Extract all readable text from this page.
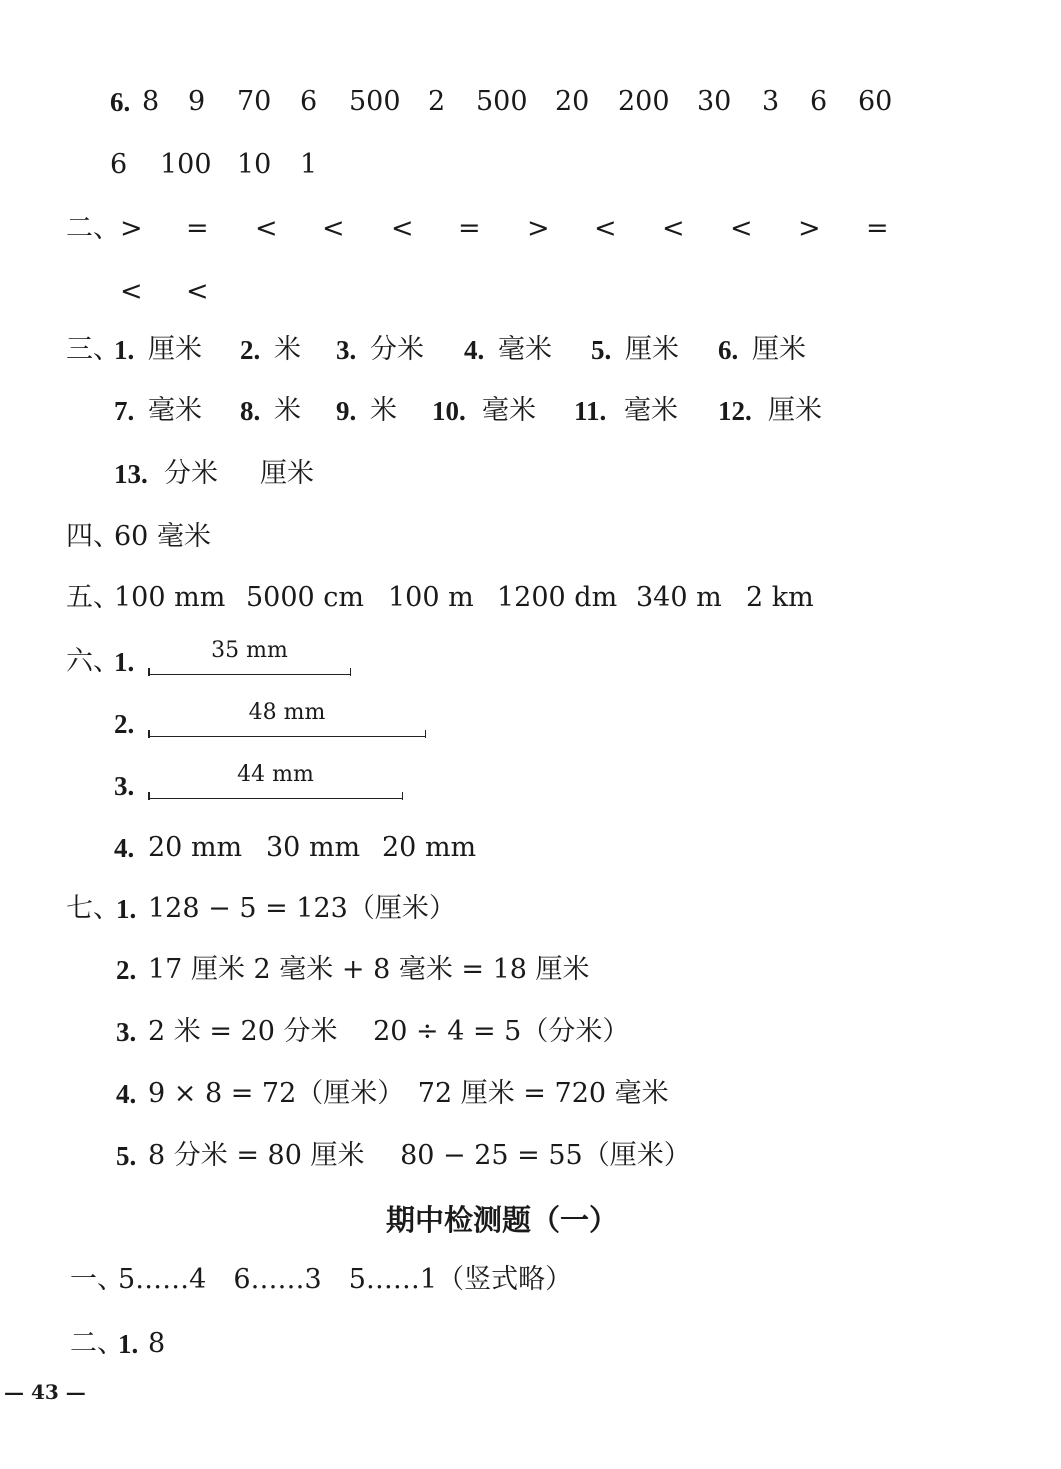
6. 8 9 70 6 500 2 500 20 200 30 3 6 60
6 100 10 1
二、 > = < < < = > < < < > =
< <
三、
1. 厘米 2. 米 3. 分米 4. 毫米 5. 厘米 6. 厘米
7. 毫米 8. 米 9. 米 10. 毫米 11. 毫米 12. 厘米
13. 分米 厘米
四、
60 毫米
五、
100 mm 5000 cm 100 m 1200 dm 340 m 2 km
六、
1.	35 mm
2.	48 mm
3.	44 mm
4. 20 mm 30 mm 20 mm
七、
1. 128 − 5 = 123（厘米）
2. 17 厘米 2 毫米 + 8 毫米 = 18 厘米
3. 2 米 = 20 分米　 20 ÷ 4 = 5（分米）
4. 9 × 8 = 72（厘米）　72 厘米 = 720 毫米
5. 8 分米 = 80 厘米　 80 − 25 = 55（厘米）
期中检测题（一）
一、
5……4　6……3　5……1（竖式略）
二、
1. 8
— 43 —
